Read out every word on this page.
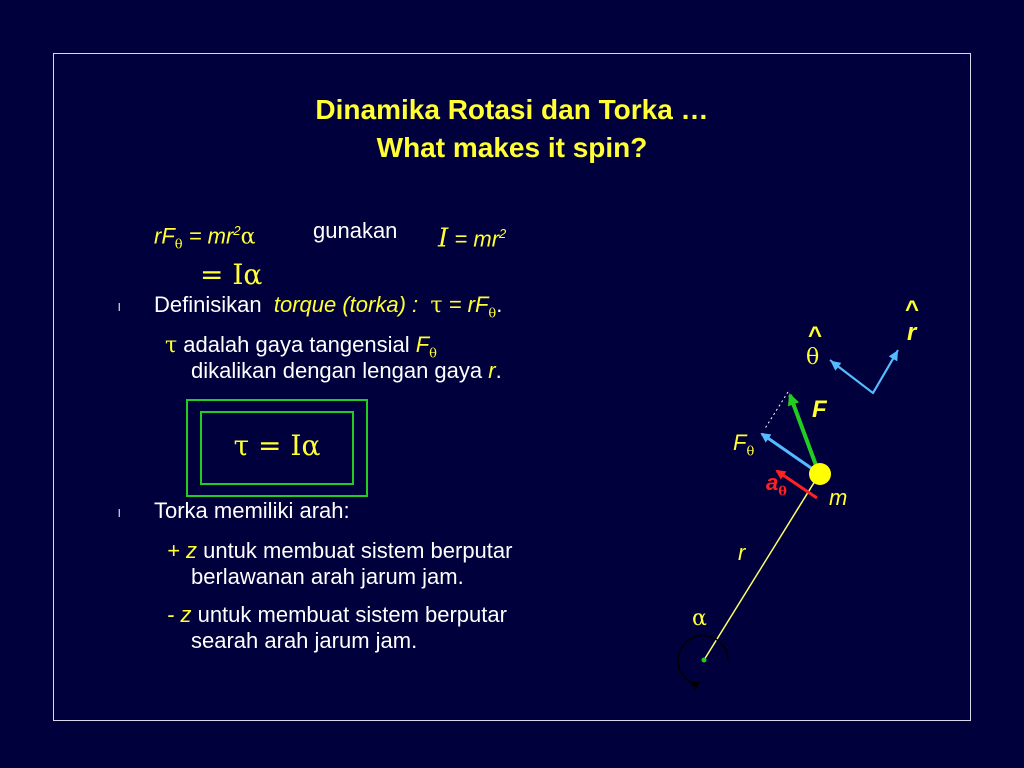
Dinamika Rotasi dan Torka …
What makes it spin?
$rF_\theta = mr^2\alpha$	gunakan $I = mr^2$
= Iα
l Definisikan torque (torka) : $\tau = rF_\theta$.
τ adalah gaya tangensial $F_\theta$
dikalikan dengan lengan gaya r.
τ = Iα
l Torka memiliki arah:
+ z untuk membuat sistem berputar
berlawanan arah jarum jam.
- z untuk membuat sistem berputar
searah arah jarum jam.
^
r
^
θ
F
$F_\theta$
$a_\theta$ m
r
α
